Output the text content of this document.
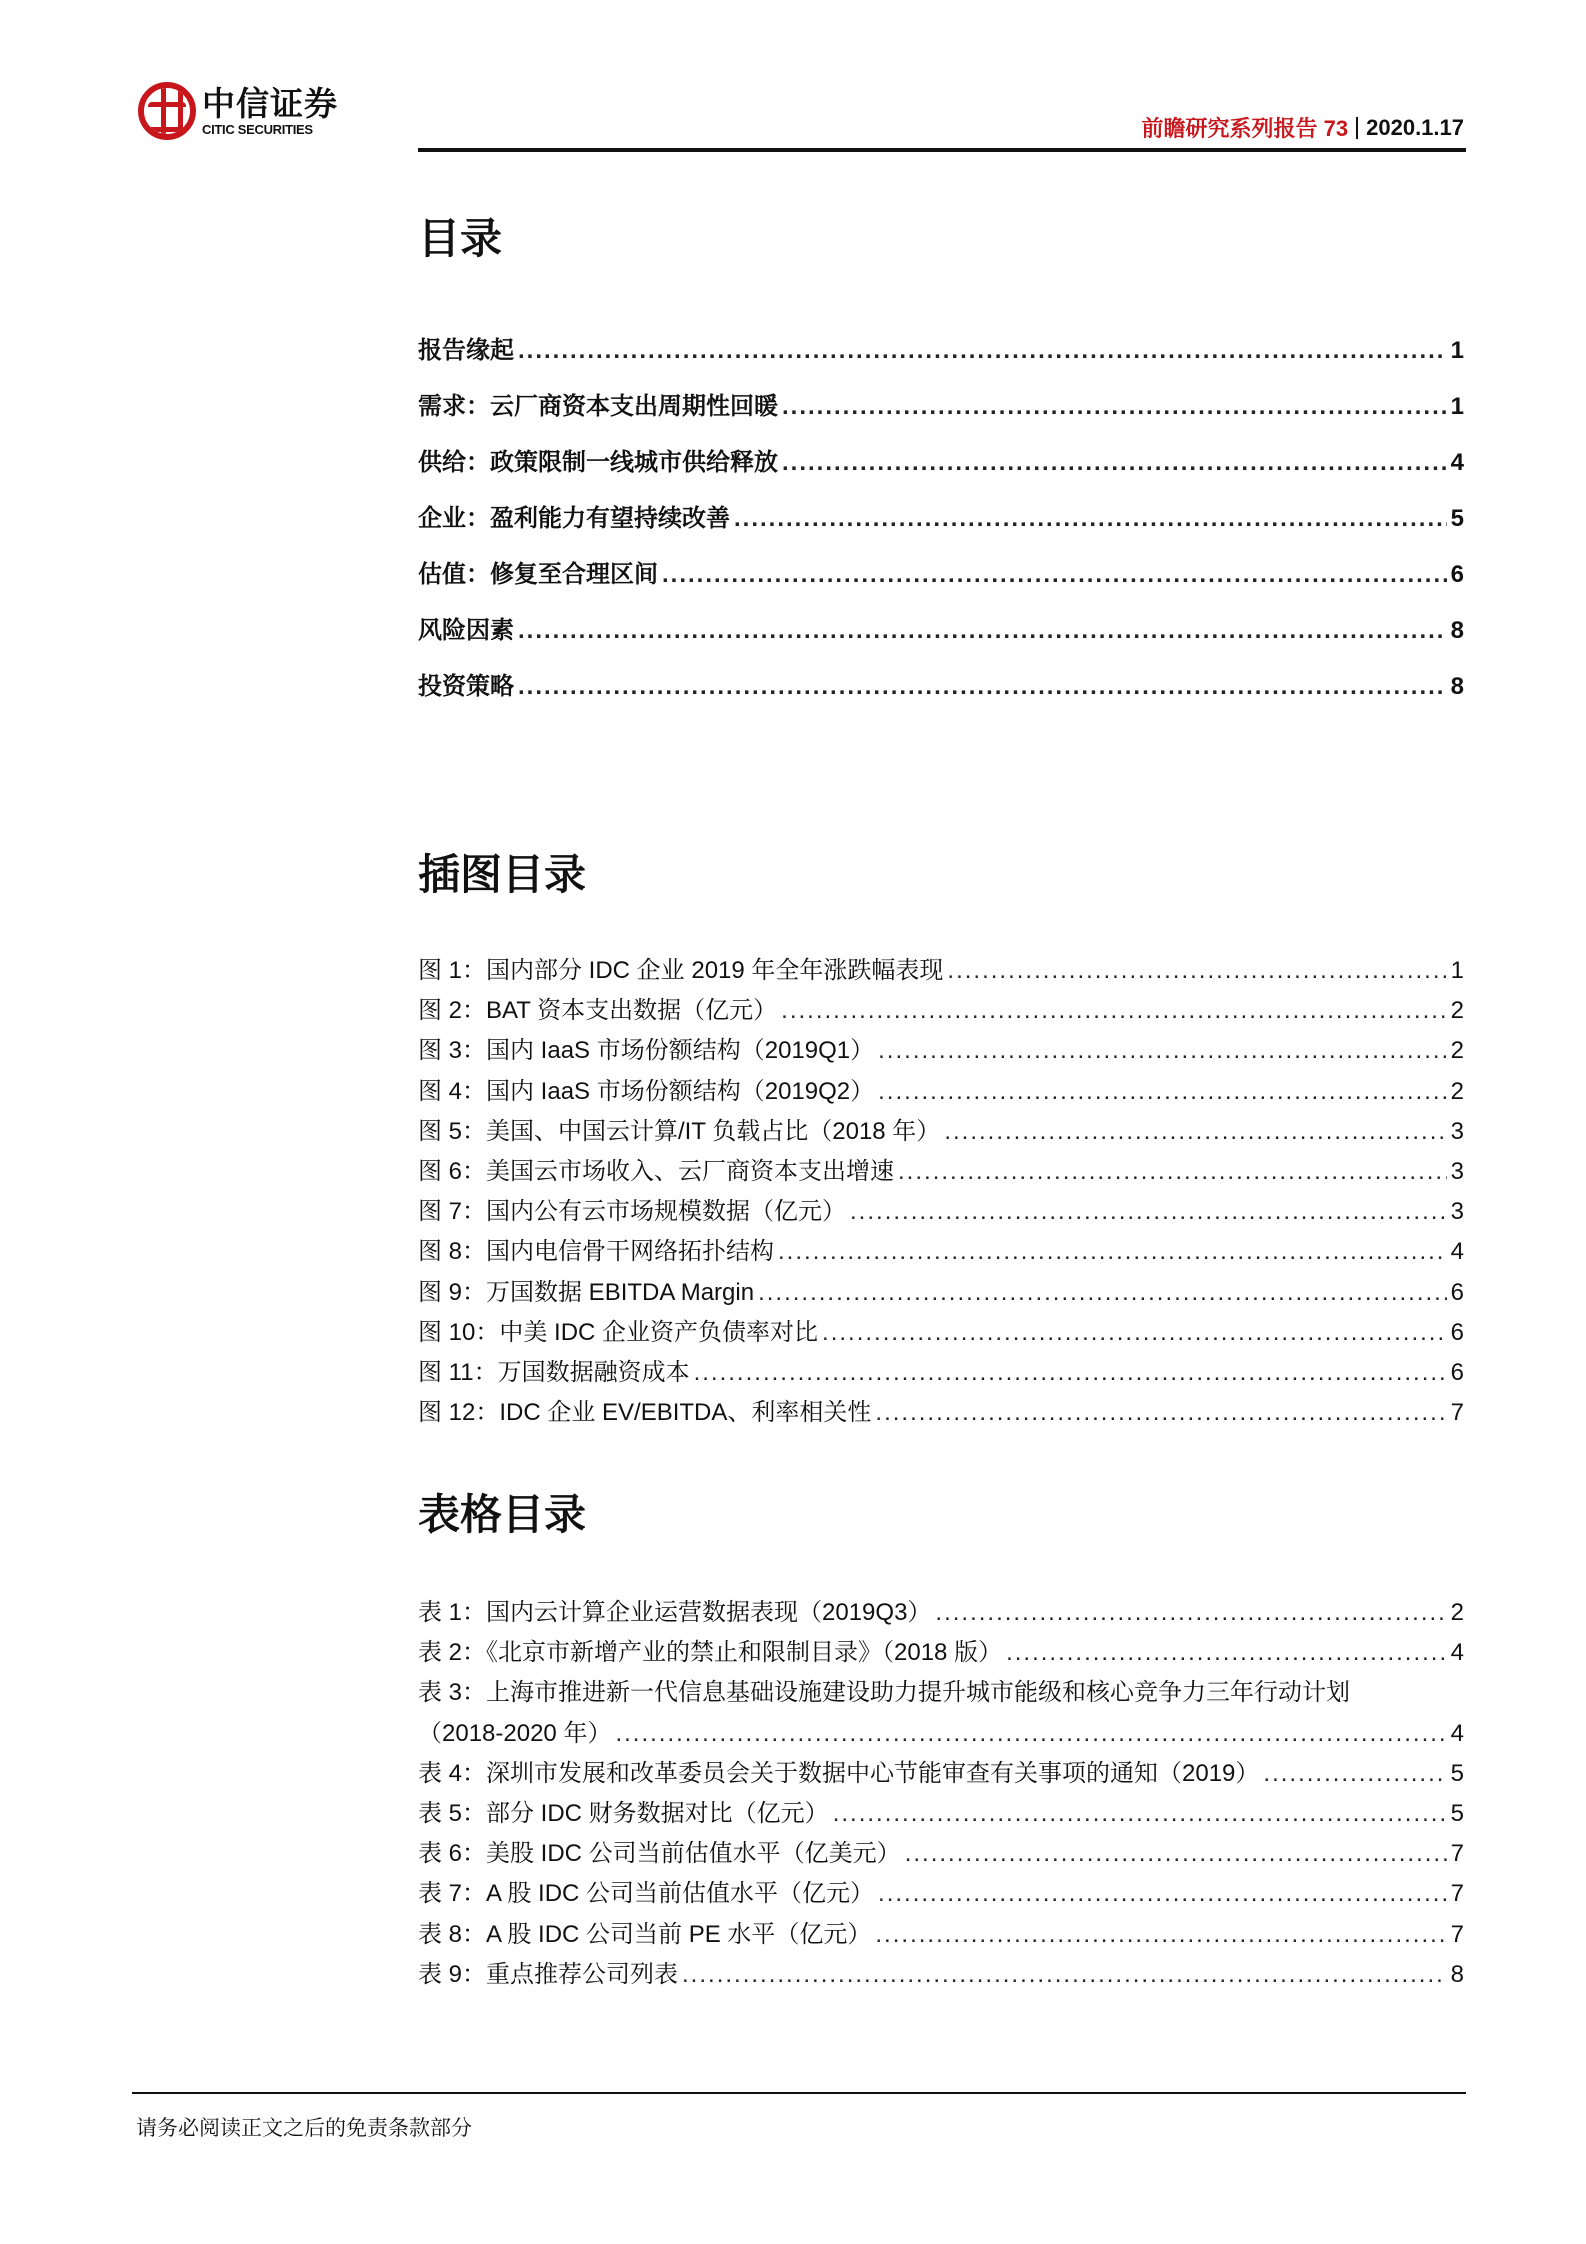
中信证券
CITIC SECURITIES	前瞻研究系列报告 73 2020.1.17
目录
插图目录
表格目录
请务必阅读正文之后的免责条款部分
报告缘起 .....	1
需求：云厂商资本支出周期性回暖 .....	1
供给：政策限制一线城市供给释放 .....	4
企业：盈利能力有望持续改善 .....	5
估值：修复至合理区间 .....	6
风险因素 .....	8
投资策略 .....	8
图 1：国内部分 IDC 企业 2019 年全年涨跌幅表现 .....	1
图 2：BAT 资本支出数据（亿元） .....	2
图 3：国内 IaaS 市场份额结构（2019Q1） .....	2
图 4：国内 IaaS 市场份额结构（2019Q2） .....	2
图 5：美国、中国云计算/IT 负载占比（2018 年） .....	3
图 6：美国云市场收入、云厂商资本支出增速 .....	3
图 7：国内公有云市场规模数据（亿元） .....	3
图 8：国内电信骨干网络拓扑结构 .....	4
图 9：万国数据 EBITDA Margin .....	6
图 10：中美 IDC 企业资产负债率对比 .....	6
图 11：万国数据融资成本 .....	6
图 12：IDC 企业 EV/EBITDA、利率相关性 .....	7
表 1：国内云计算企业运营数据表现（2019Q3） .....	2
表 2：《北京市新增产业的禁止和限制目录》（2018 版） .....	4
表 3：上海市推进新一代信息基础设施建设助力提升城市能级和核心竞争力三年行动计划
（2018-2020 年） .....	4
表 4：深圳市发展和改革委员会关于数据中心节能审查有关事项的通知（2019） .....	5
表 5：部分 IDC 财务数据对比（亿元） .....	5
表 6：美股 IDC 公司当前估值水平（亿美元） .....	7
表 7：A 股 IDC 公司当前估值水平（亿元） .....	7
表 8：A 股 IDC 公司当前 PE 水平（亿元） .....	7
表 9：重点推荐公司列表 .....	8
